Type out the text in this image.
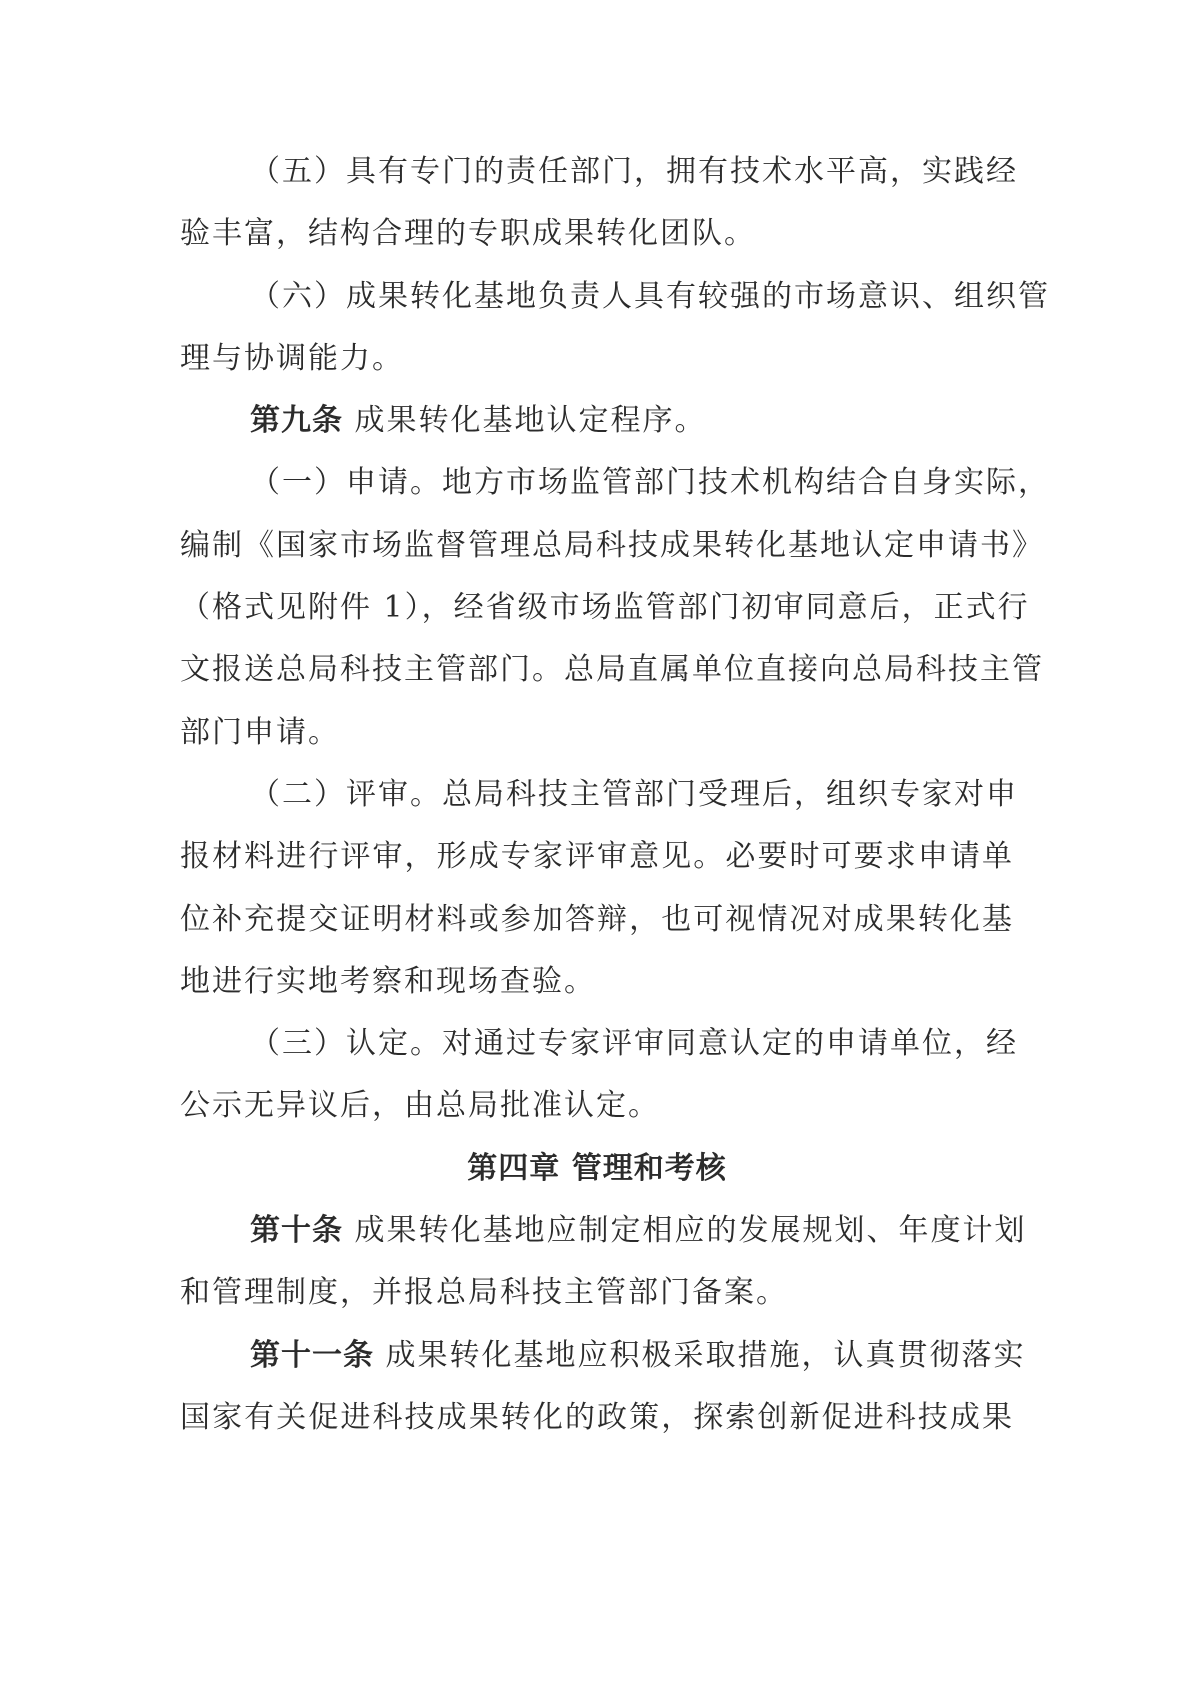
（五）具有专门的责任部门，拥有技术水平高，实践经
验丰富，结构合理的专职成果转化团队。
（六）成果转化基地负责人具有较强的市场意识、组织管
理与协调能力。
第九条 成果转化基地认定程序。
（一）申请。地方市场监管部门技术机构结合自身实际，
编制《国家市场监督管理总局科技成果转化基地认定申请书》
（格式见附件 1），经省级市场监管部门初审同意后，正式行
文报送总局科技主管部门。总局直属单位直接向总局科技主管
部门申请。
（二）评审。总局科技主管部门受理后，组织专家对申
报材料进行评审，形成专家评审意见。必要时可要求申请单
位补充提交证明材料或参加答辩，也可视情况对成果转化基
地进行实地考察和现场查验。
（三）认定。对通过专家评审同意认定的申请单位，经
公示无异议后，由总局批准认定。
第四章 管理和考核
第十条 成果转化基地应制定相应的发展规划、年度计划
和管理制度，并报总局科技主管部门备案。
第十一条 成果转化基地应积极采取措施，认真贯彻落实
国家有关促进科技成果转化的政策，探索创新促进科技成果
